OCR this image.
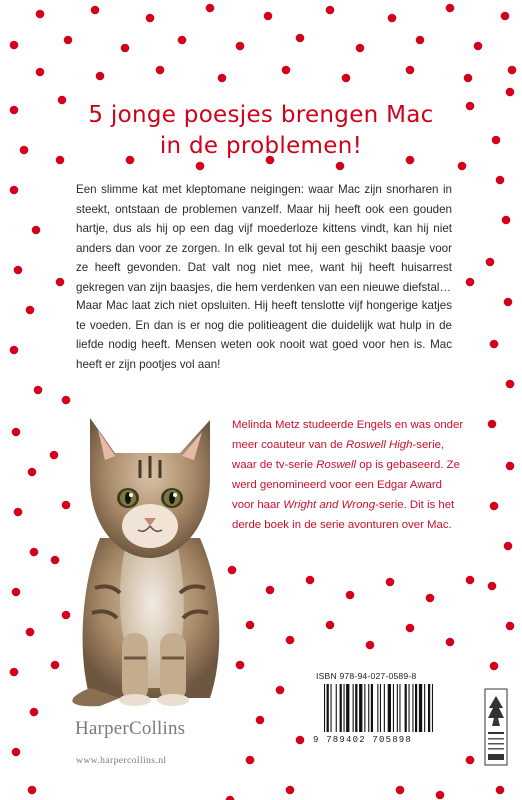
5 jonge poesjes brengen Mac
in de problemen!

Een slimme kat met kleptomane neigingen: waar Mac zijn snorharen in steekt, ontstaan de problemen vanzelf. Maar hij heeft ook een gouden hartje, dus als hij op een dag vijf moederloze kittens vindt, kan hij niet anders dan voor ze zorgen. In elk geval tot hij een geschikt baasje voor ze heeft gevonden. Dat valt nog niet mee, want hij heeft huisarrest gekregen van zijn baasjes, die hem verdenken van een nieuwe diefstal…

Maar Mac laat zich niet opsluiten. Hij heeft tenslotte vijf hongerige katjes te voeden. En dan is er nog die politieagent die duidelijk wat hulp in de liefde nodig heeft. Mensen weten ook nooit wat goed voor hen is. Mac heeft er zijn pootjes vol aan!

Melinda Metz studeerde Engels en was onder meer coauteur van de Roswell High-serie, waar de tv-serie Roswell op is gebaseerd. Ze werd genomineerd voor een Edgar Award voor haar Wright and Wrong-serie. Dit is het derde boek in de serie avonturen over Mac.
HarperCollins
www.harpercollins.nl
ISBN 978-94-027-0589-8
9 789402 705898
